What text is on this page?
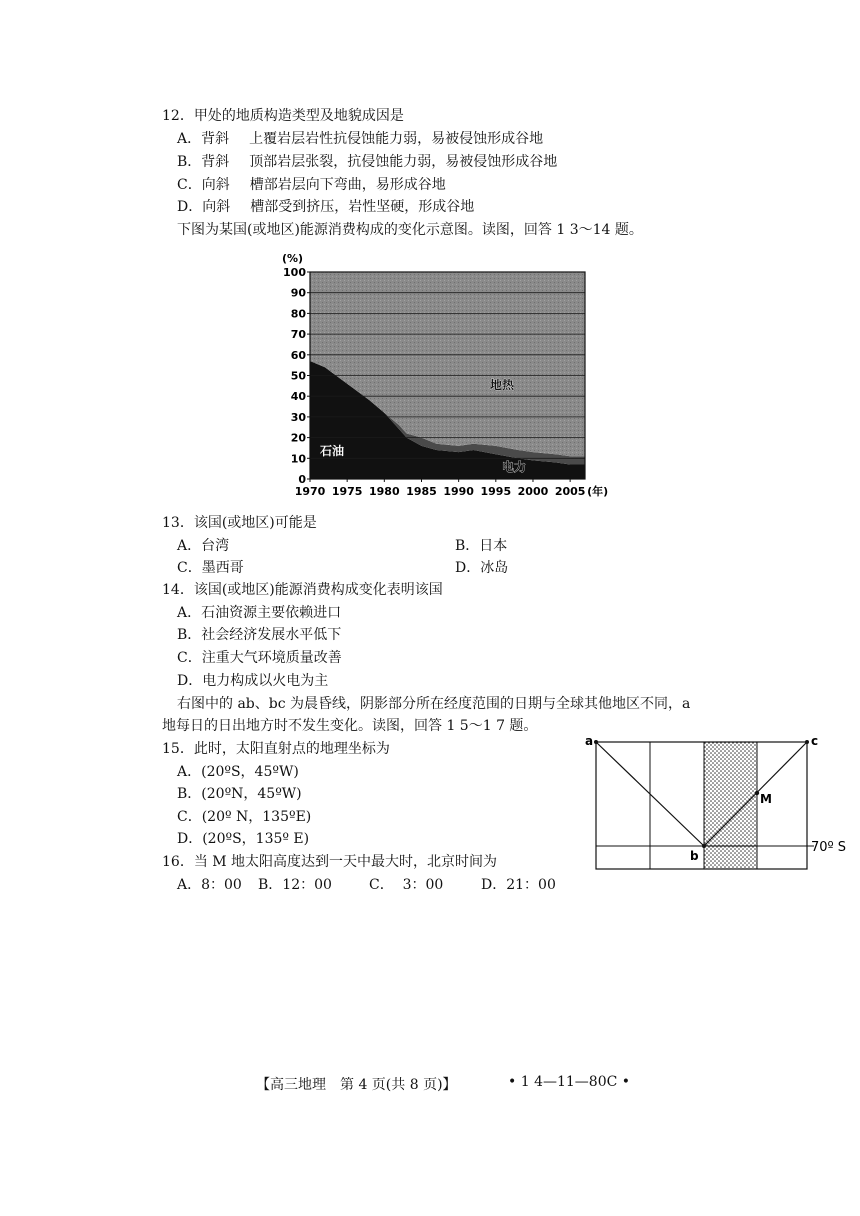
12．甲处的地质构造类型及地貌成因是
A．背斜 上覆岩层岩性抗侵蚀能力弱，易被侵蚀形成谷地
B．背斜 顶部岩层张裂，抗侵蚀能力弱，易被侵蚀形成谷地
C．向斜 槽部岩层向下弯曲，易形成谷地
D．向斜 槽部受到挤压，岩性坚硬，形成谷地
下图为某国(或地区)能源消费构成的变化示意图。读图，回答 1 3～14 题。
0
10
20
30
40
50
60
70
80
90
100
1970 1975 1980 1985 1990 1995 2000 2005 (年)
(%)
地热
石油
电力
13．该国(或地区)可能是
A．台湾	B．日本
C．墨西哥	D．冰岛
14．该国(或地区)能源消费构成变化表明该国
A．石油资源主要依赖进口
B．社会经济发展水平低下
C．注重大气环境质量改善
D．电力构成以火电为主
右图中的 ab、bc 为晨昏线，阴影部分所在经度范围的日期与全球其他地区不同，a
地每日的日出地方时不发生变化。读图，回答 1 5～1 7 题。
15．此时，太阳直射点的地理坐标为
A．(20ºS，45ºW)
B．(20ºN，45ºW)
C．(20º N，135ºE)
D．(20ºS，135º E)
16．当 M 地太阳高度达到一天中最大时，北京时间为
A．8：00 B．12：00	C．  3：00	D．21：00
a	c
b
M
70º S
【高三地理　第 4 页(共 8 页)】	• 1 4—11—80C •
